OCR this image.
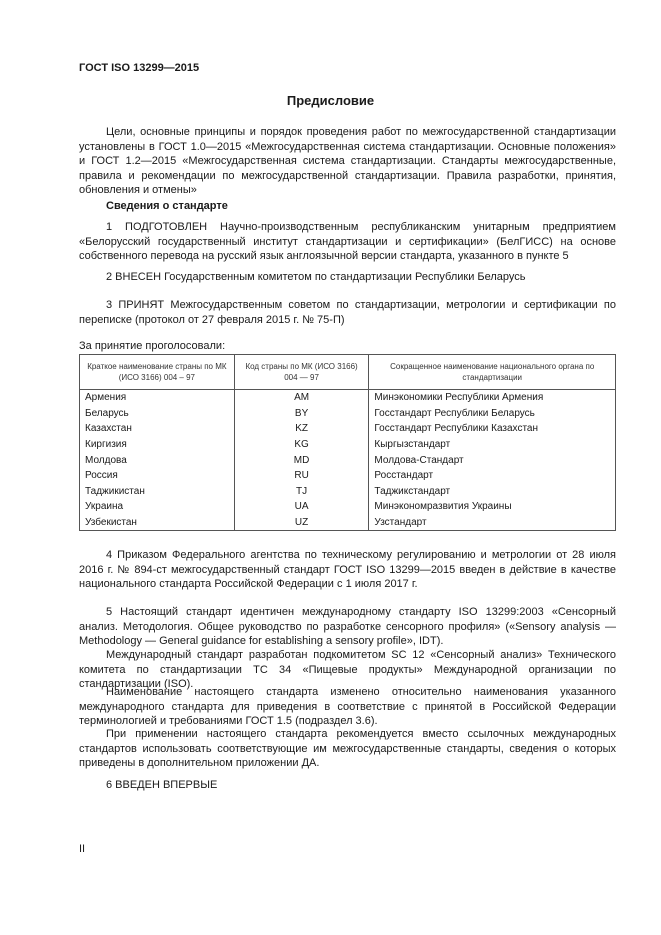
ГОСТ ISO 13299—2015
Предисловие
Цели, основные принципы и порядок проведения работ по межгосударственной стандартизации установлены в ГОСТ 1.0—2015 «Межгосударственная система стандартизации. Основные положения» и ГОСТ 1.2—2015 «Межгосударственная система стандартизации. Стандарты межгосударственные, правила и рекомендации по межгосударственной стандартизации. Правила разработки, принятия, обновления и отмены»
Сведения о стандарте
1 ПОДГОТОВЛЕН Научно-производственным республиканским унитарным предприятием «Белорусский государственный институт стандартизации и сертификации» (БелГИСС) на основе собственного перевода на русский язык англоязычной версии стандарта, указанного в пункте 5
2 ВНЕСЕН Государственным комитетом по стандартизации Республики Беларусь
3 ПРИНЯТ Межгосударственным советом по стандартизации, метрологии и сертификации по переписке (протокол от 27 февраля 2015 г. № 75-П)
За принятие проголосовали:
Краткое наименование страны по МК (ИСО 3166) 004 – 97	Код страны по МК (ИСО 3166) 004 — 97	Сокращенное наименование национального органа по стандартизации
Армения	AM	Минэкономики Республики Армения
Беларусь	BY	Госстандарт Республики Беларусь
Казахстан	KZ	Госстандарт Республики Казахстан
Киргизия	KG	Кыргызстандарт
Молдова	MD	Молдова-Стандарт
Россия	RU	Росстандарт
Таджикистан	TJ	Таджикстандарт
Украина	UA	Минэкономразвития Украины
Узбекистан	UZ	Узстандарт
4 Приказом Федерального агентства по техническому регулированию и метрологии от 28 июля 2016 г. № 894-ст межгосударственный стандарт ГОСТ ISO 13299—2015 введен в действие в качестве национального стандарта Российской Федерации с 1 июля 2017 г.
5 Настоящий стандарт идентичен международному стандарту ISO 13299:2003 «Сенсорный анализ. Методология. Общее руководство по разработке сенсорного профиля» («Sensory analysis — Methodology — General guidance for establishing a sensory profile», IDT).
Международный стандарт разработан подкомитетом SC 12 «Сенсорный анализ» Технического комитета по стандартизации ТС 34 «Пищевые продукты» Международной организации по стандартизации (ISO).
Наименование настоящего стандарта изменено относительно наименования указанного международного стандарта для приведения в соответствие с принятой в Российской Федерации терминологией и требованиями ГОСТ 1.5 (подраздел 3.6).
При применении настоящего стандарта рекомендуется вместо ссылочных международных стандартов использовать соответствующие им межгосударственные стандарты, сведения о которых приведены в дополнительном приложении ДА.
6 ВВЕДЕН ВПЕРВЫЕ
II
